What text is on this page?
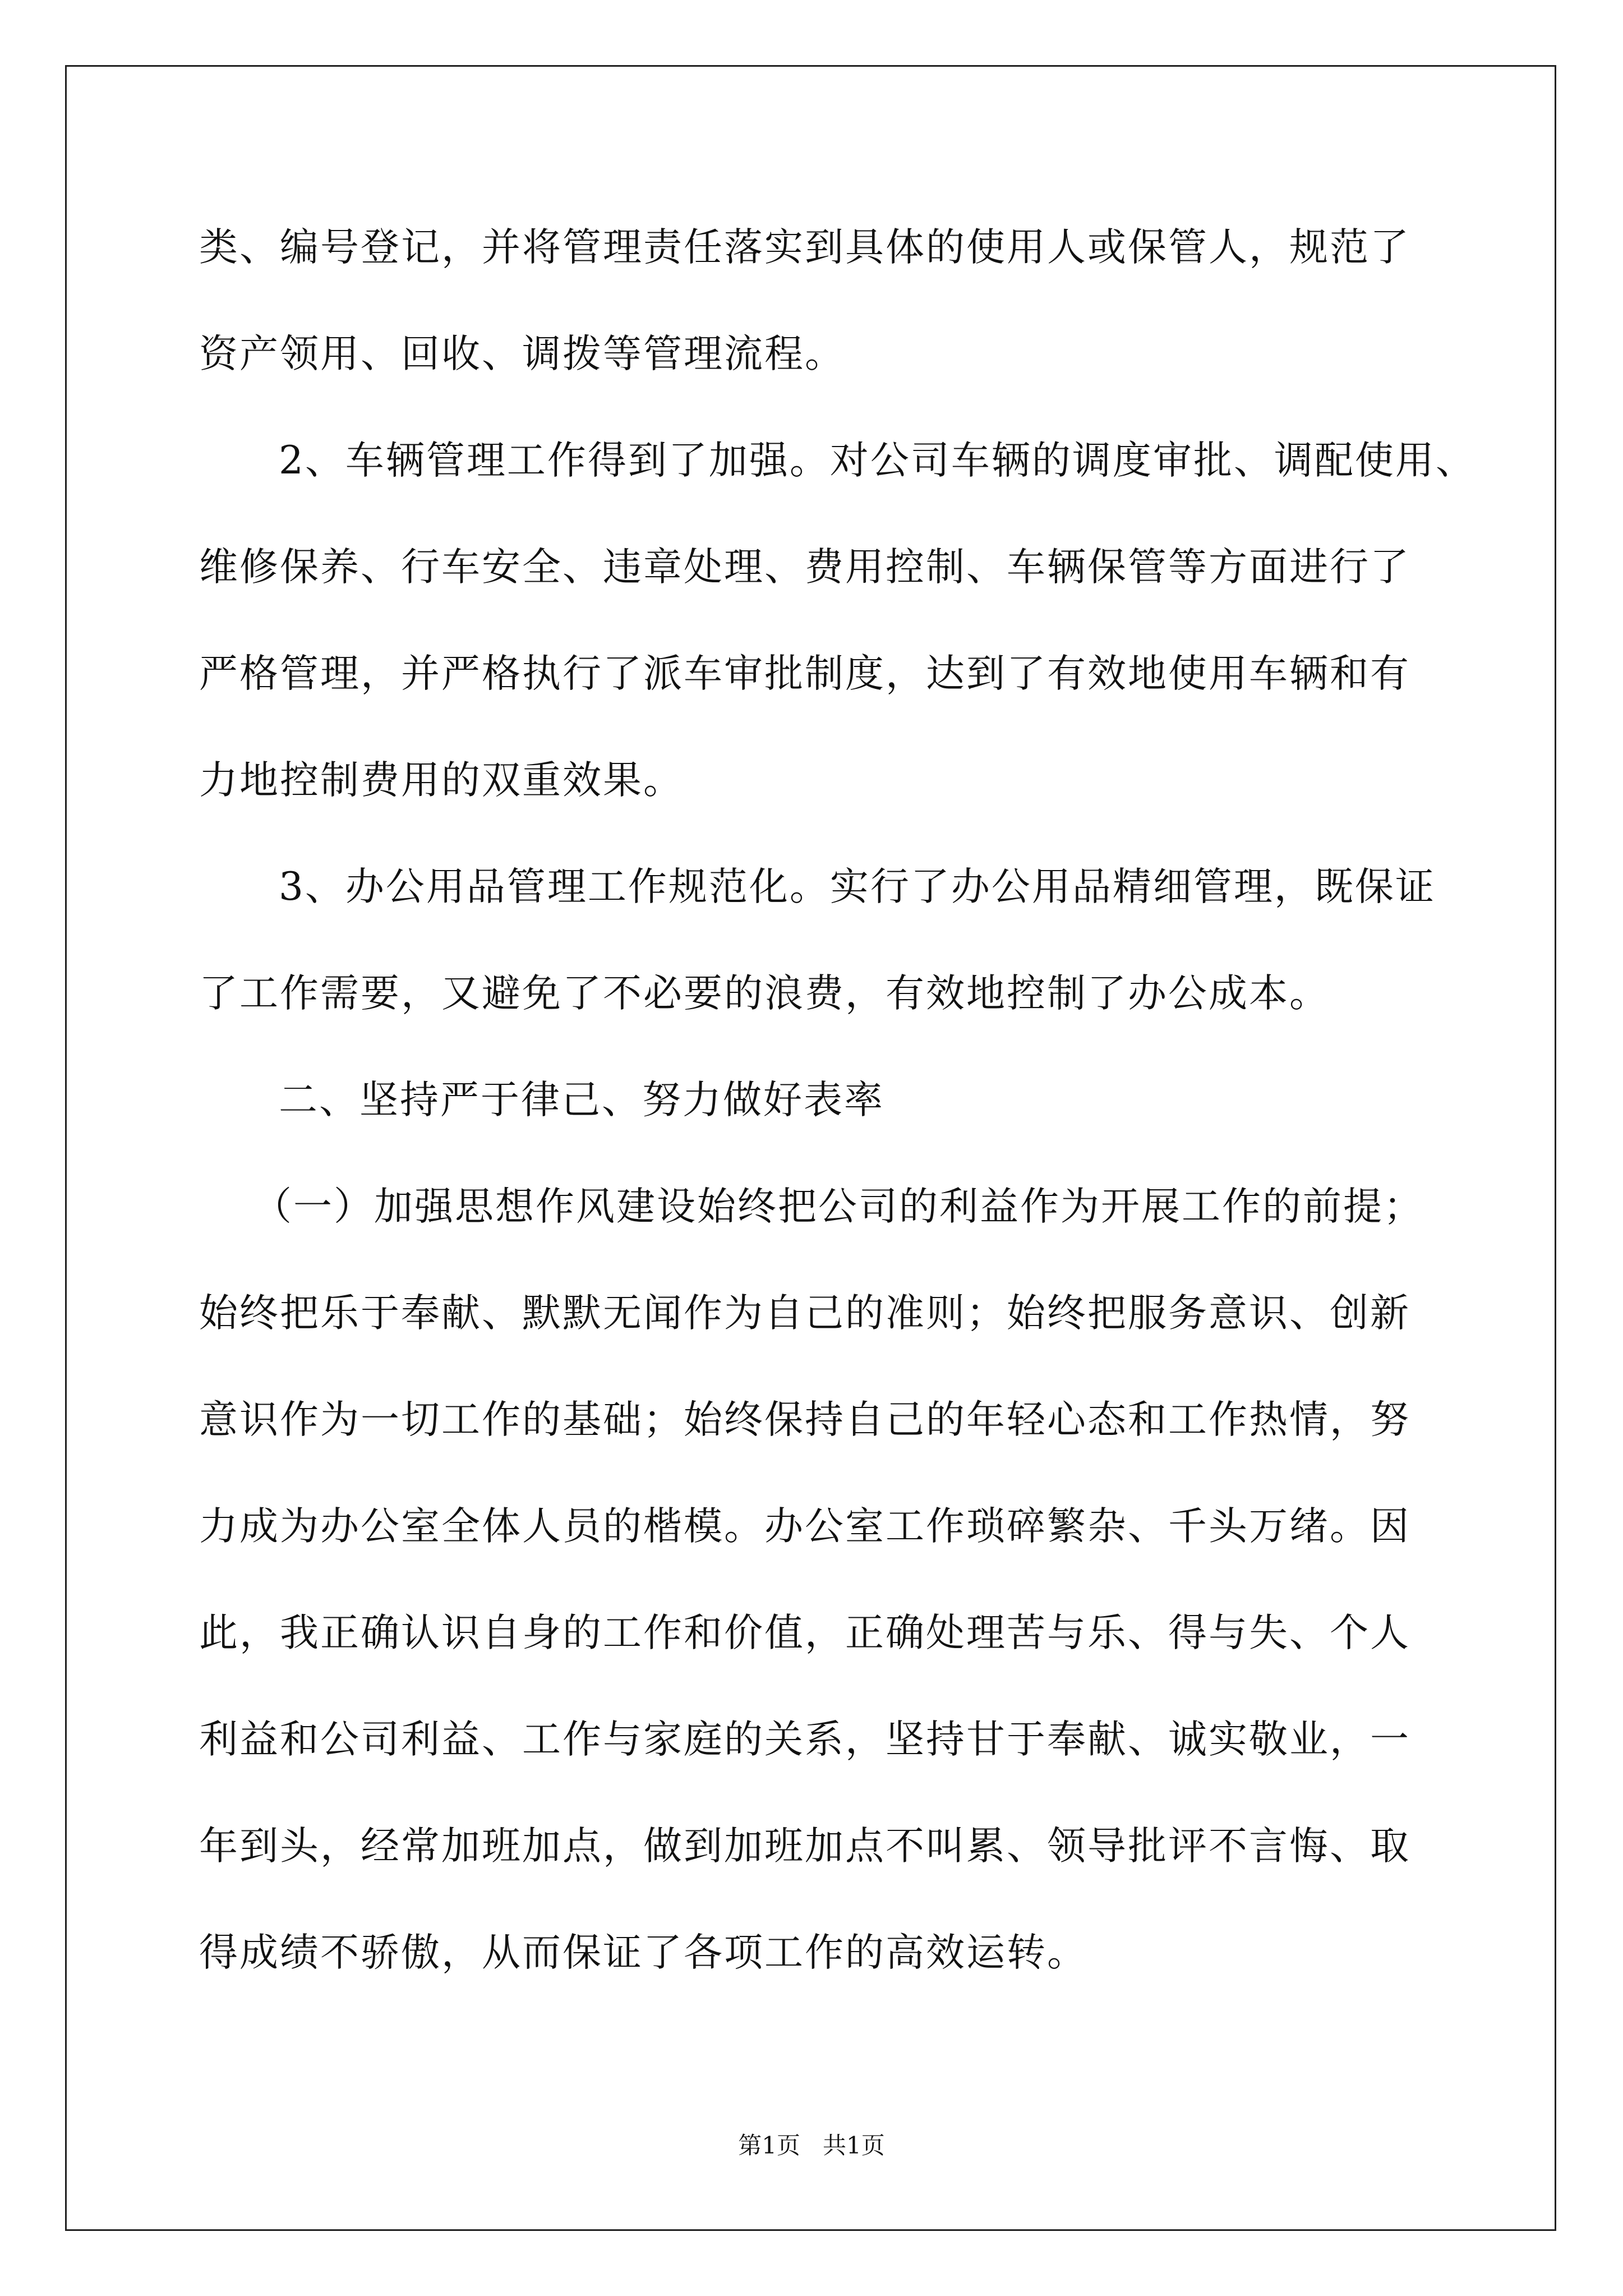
类、编号登记，并将管理责任落实到具体的使用人或保管人，规范了
资产领用、回收、调拨等管理流程。
2、车辆管理工作得到了加强。对公司车辆的调度审批、调配使用、
维修保养、行车安全、违章处理、费用控制、车辆保管等方面进行了
严格管理，并严格执行了派车审批制度，达到了有效地使用车辆和有
力地控制费用的双重效果。
3、办公用品管理工作规范化。实行了办公用品精细管理，既保证
了工作需要，又避免了不必要的浪费，有效地控制了办公成本。
二、坚持严于律己、努力做好表率
（一）加强思想作风建设始终把公司的利益作为开展工作的前提；
始终把乐于奉献、默默无闻作为自己的准则；始终把服务意识、创新
意识作为一切工作的基础；始终保持自己的年轻心态和工作热情，努
力成为办公室全体人员的楷模。办公室工作琐碎繁杂、千头万绪。因
此，我正确认识自身的工作和价值，正确处理苦与乐、得与失、个人
利益和公司利益、工作与家庭的关系，坚持甘于奉献、诚实敬业，一
年到头，经常加班加点，做到加班加点不叫累、领导批评不言悔、取
得成绩不骄傲，从而保证了各项工作的高效运转。
第1页   共1页
